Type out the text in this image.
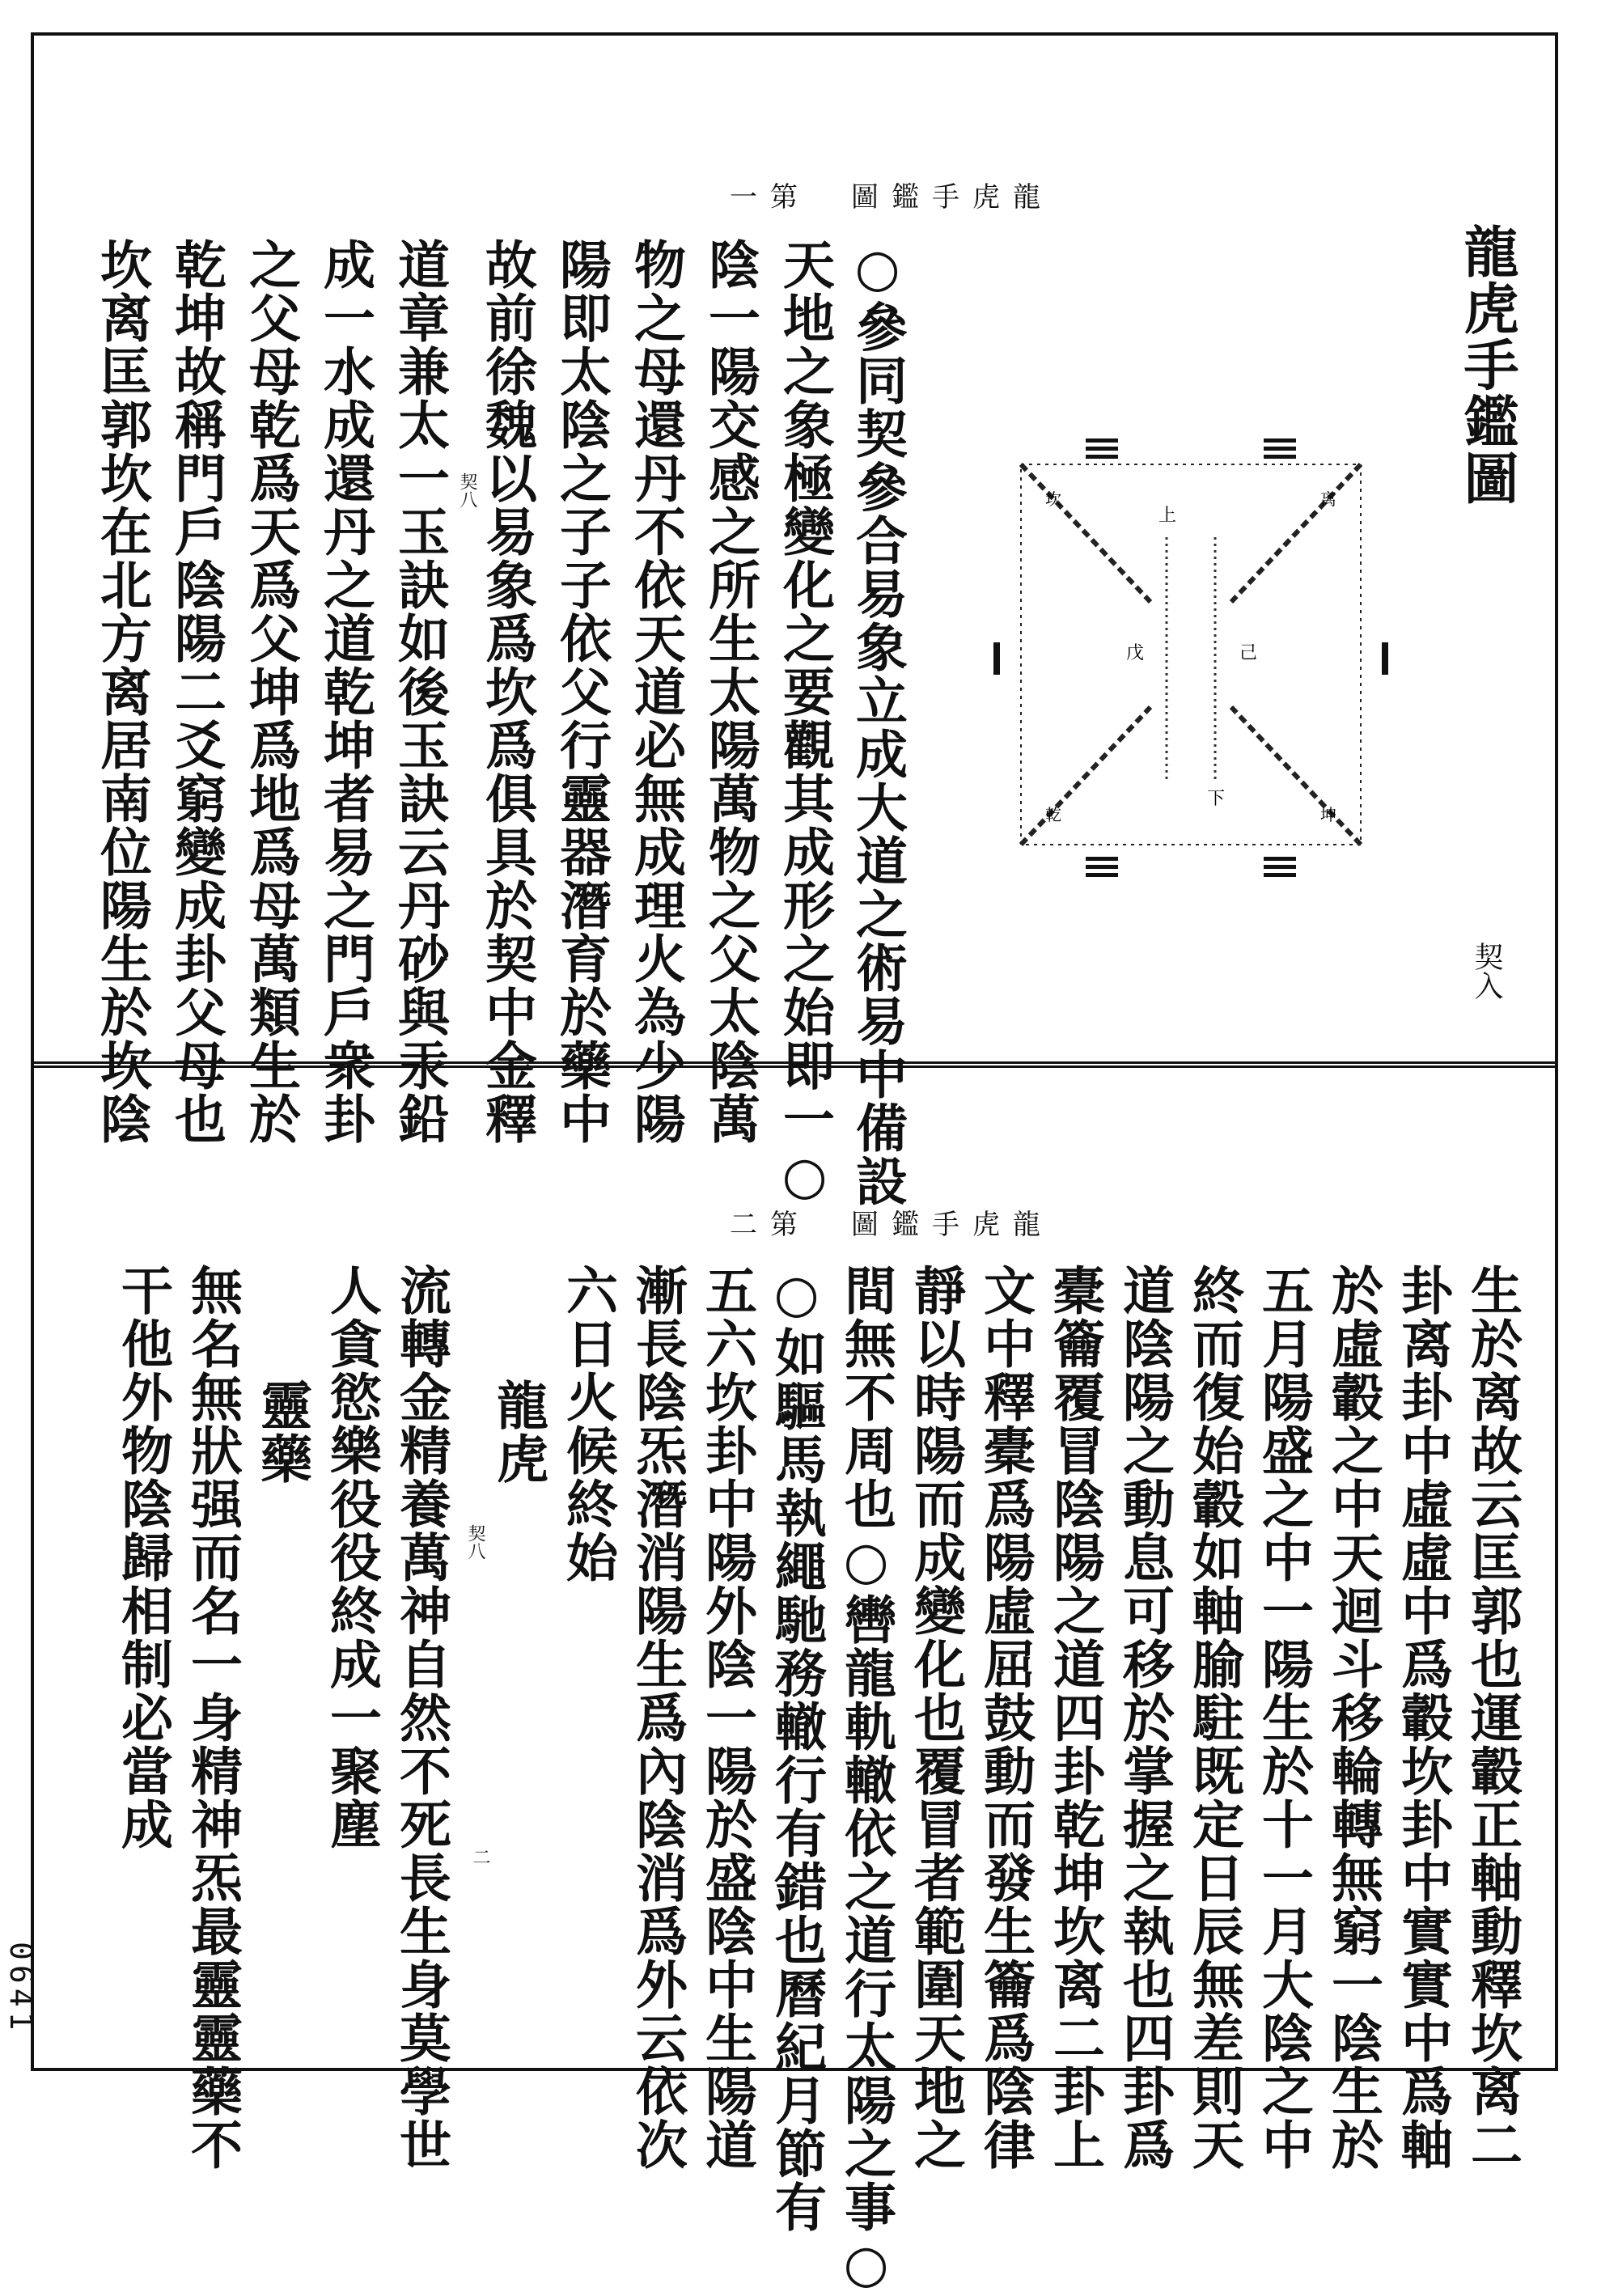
一第　圖鑑手虎龍
龍虎手鑑圖
上
下
戊	己
坎	离
乾	坤
契入
○參同契參合易象立成大道之術易中備設
天地之象極變化之要觀其成形之始即一○
陰一陽交感之所生太陽萬物之父太陰萬
物之母還丹不依天道必無成理火為少陽
陽即太陰之子子依父行靈器潛育於藥中
故前徐魏以易象爲坎爲俱具於契中金釋
契八
道章兼太一玉訣如後玉訣云丹砂與汞鉛
成一水成還丹之道乾坤者易之門戶衆卦
之父母乾爲天爲父坤爲地爲母萬類生於
乾坤故稱門戶陰陽二爻窮變成卦父母也
坎离匡郭坎在北方离居南位陽生於坎陰
二第　圖鑑手虎龍
生於离故云匡郭也運轂正軸動釋坎离二
卦离卦中虛虛中爲轂坎卦中實實中爲軸
於虛轂之中天迴斗移輪轉無窮一陰生於
五月陽盛之中一陽生於十一月大陰之中
終而復始轂如軸腧駐既定日辰無差則天
道陰陽之動息可移於掌握之執也四卦爲
橐籥覆冒陰陽之道四卦乾坤坎离二卦上
文中釋橐爲陽虛屈鼓動而發生籥爲陰律
靜以時陽而成變化也覆冒者範圍天地之
間無不周也○轡龍軌轍依之道行太陽之事○
○如驅馬執繩馳務轍行有錯也曆紀月節有
五六坎卦中陽外陰一陽於盛陰中生陽道
漸長陰炁潛消陽生爲內陰消爲外云依次
六日火候終始
龍虎
契八
二
流轉金精養萬神自然不死長生身莫學世
人貪慾樂役役終成一聚塵
靈藥
無名無狀强而名一身精神炁最靈靈藥不
干他外物陰歸相制必當成
0641
